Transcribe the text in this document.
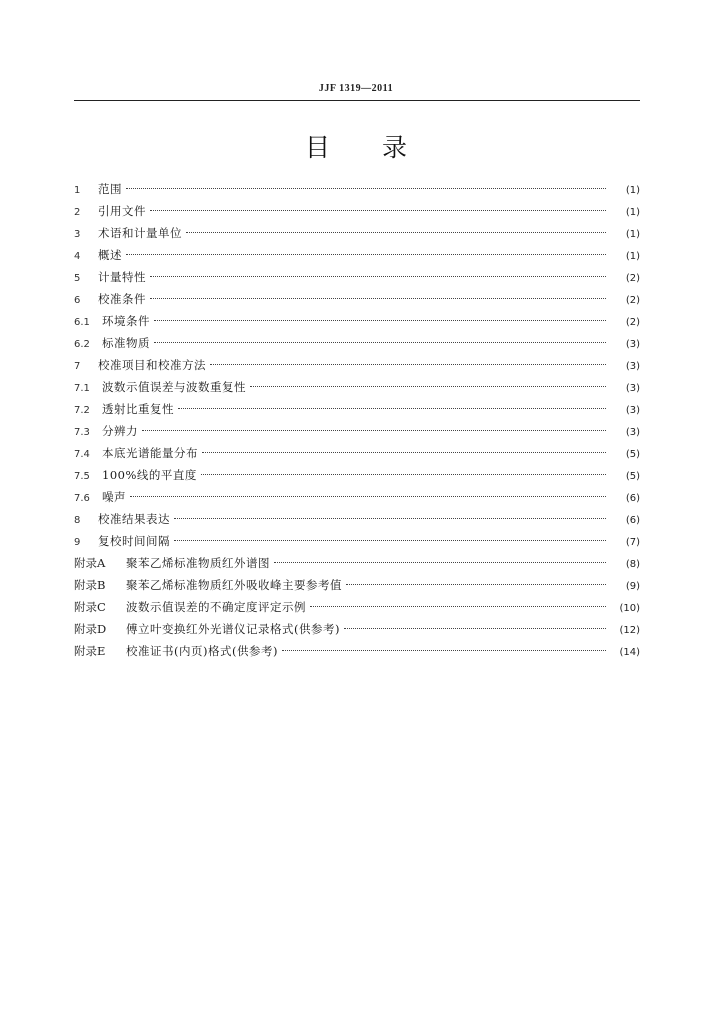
JJF 1319—2011
目 录
1	范围	(1)
2	引用文件	(1)
3	术语和计量单位	(1)
4	概述	(1)
5	计量特性	(2)
6	校准条件	(2)
6.1	环境条件	(2)
6.2	标准物质	(3)
7	校准项目和校准方法	(3)
7.1	波数示值误差与波数重复性	(3)
7.2	透射比重复性	(3)
7.3	分辨力	(3)
7.4	本底光谱能量分布	(5)
7.5	100%线的平直度	(5)
7.6	噪声	(6)
8	校准结果表达	(6)
9	复校时间间隔	(7)
附录A	聚苯乙烯标准物质红外谱图	(8)
附录B	聚苯乙烯标准物质红外吸收峰主要参考值	(9)
附录C	波数示值误差的不确定度评定示例	(10)
附录D	傅立叶变换红外光谱仪记录格式(供参考)	(12)
附录E	校准证书(内页)格式(供参考)	(14)
